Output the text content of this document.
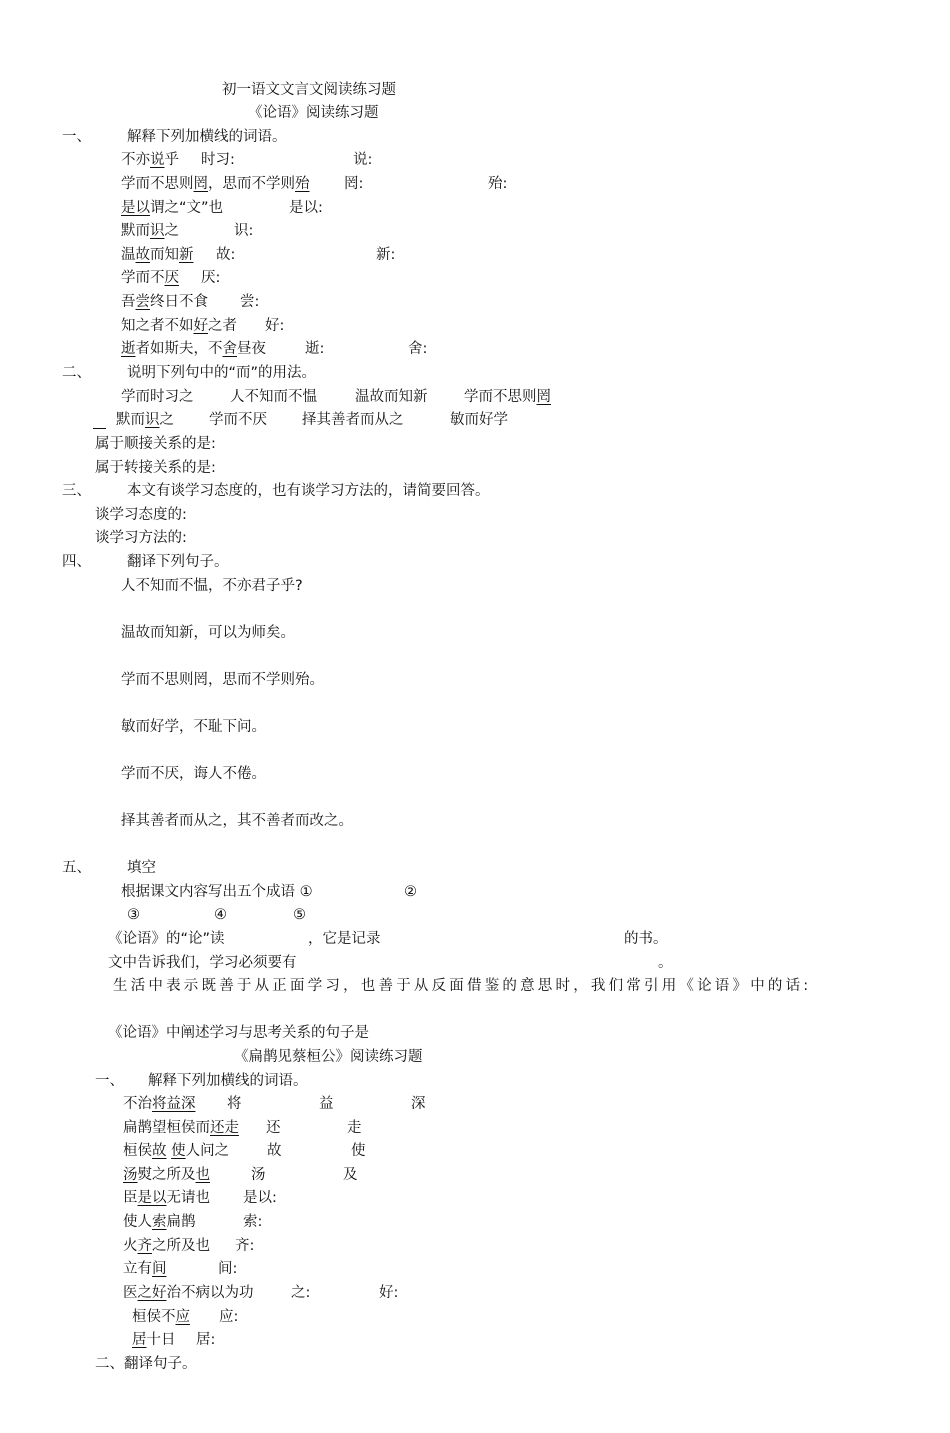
初一语文文言文阅读练习题
《论语》阅读练习题
一、 解释下列加横线的词语。
不亦说乎 时习:	说:
学而不思则罔，思而不学则殆 罔:	殆:
是以谓之“文”也	是以:
默而识之	识:
温故而知新 故:	新:
学而不厌 厌:
吾尝终日不食 尝:
知之者不如好之者 好:
逝者如斯夫，不舍昼夜	逝:	舍:
二、 说明下列句中的“而”的用法。
学而时习之	人不知而不愠	温故而知新	学而不思则罔
默而识之 学而不厌 择其善者而从之	敏而好学
属于顺接关系的是:
属于转接关系的是:
三、 本文有谈学习态度的，也有谈学习方法的，请简要回答。
谈学习态度的:
谈学习方法的:
四、 翻译下列句子。
人不知而不愠，不亦君子乎?
温故而知新，可以为师矣。
学而不思则罔，思而不学则殆。
敏而好学，不耻下问。
学而不厌，诲人不倦。
择其善者而从之，其不善者而改之。
五、 填空
根据课文内容写出五个成语 ①	②
③	④	⑤
《论语》的“论”读	，它是记录	的书。
文中告诉我们，学习必须要有	。
生活中表示既善于从正面学习，也善于从反面借鉴的意思时，我们常引用《论语》中的话:
《论语》中阐述学习与思考关系的句子是
《扁鹊见蔡桓公》阅读练习题
一、 解释下列加横线的词语。
不治将益深 将	益	深
扁鹊望桓侯而还走 还	走
桓侯故 使人问之	故	使
汤熨之所及也	汤	及
臣是以无请也 是以:
使人索扁鹊	索:
火齐之所及也 齐:
立有间	间:
医之好治不病以为功	之:	好:
桓侯不应 应:
居十日 居:
二、翻译句子。
